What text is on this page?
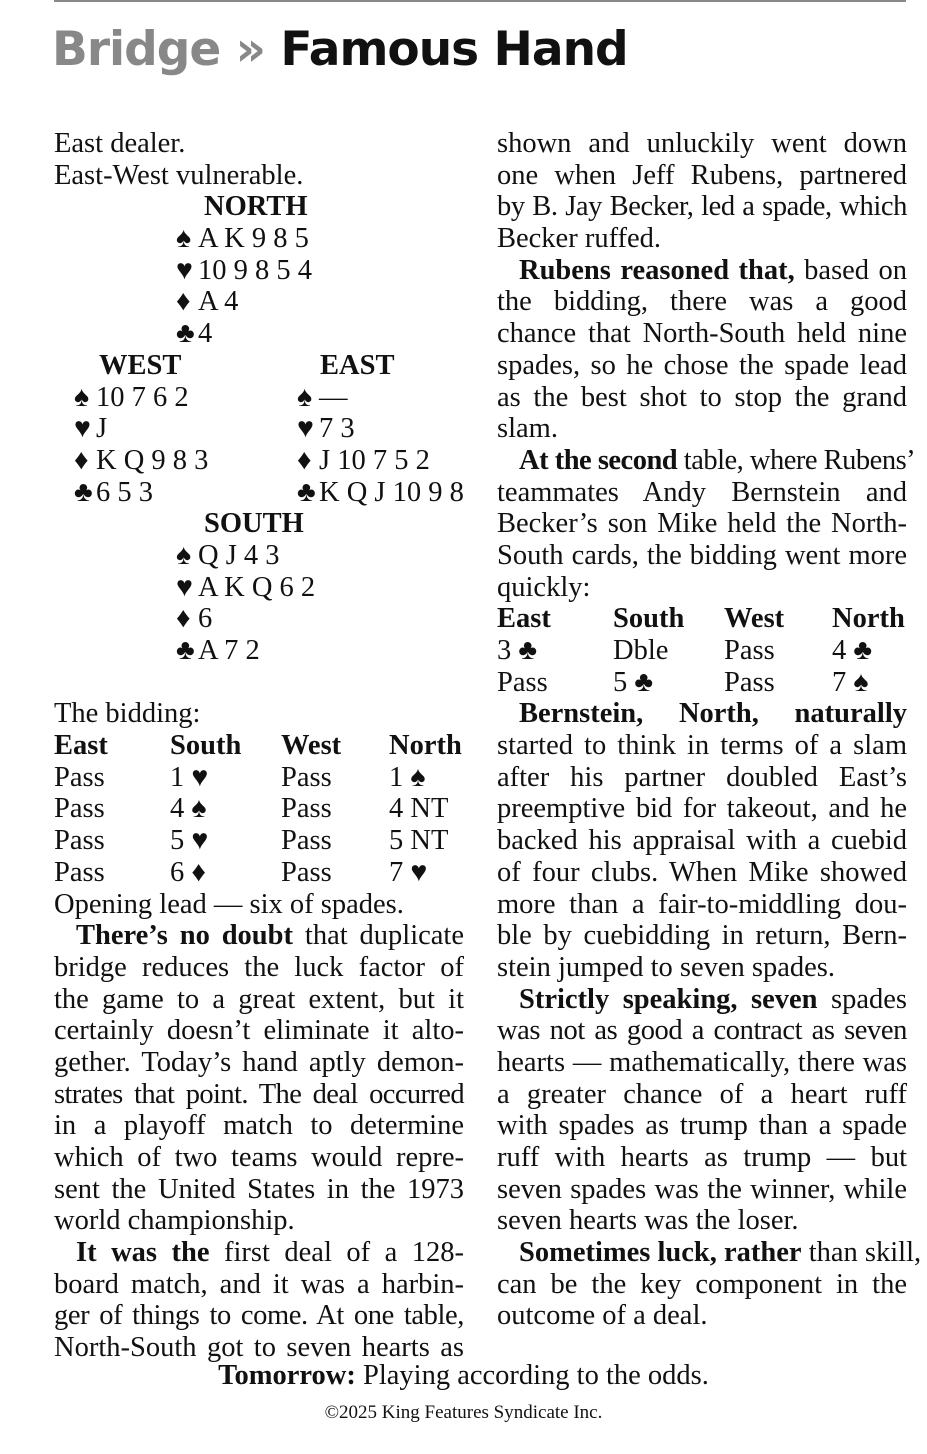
Bridge » Famous Hand
East dealer.
East-West vulnerable.
NORTH
♠ A K 9 8 5
♥ 10 9 8 5 4
♦ A 4
♣ 4
WEST
♠ 10 7 6 2
♥ J
♦ K Q 9 8 3
♣ 6 5 3
EAST
♠ —
♥ 7 3
♦ J 10 7 5 2
♣ K Q J 10 9 8
SOUTH
♠ Q J 4 3
♥ A K Q 6 2
♦ 6
♣ A 7 2
The bidding:
East South West North
Pass 1 ♥	Pass 1 ♠
Pass 4 ♠	Pass 4 NT
Pass 5 ♥	Pass 5 NT
Pass 6 ♦	Pass 7 ♥
Opening lead — six of spades.
There’s no doubt that duplicate
bridge reduces the luck factor of
the game to a great extent, but it
certainly doesn’t eliminate it alto-
gether. Today’s hand aptly demon-
strates that point. The deal occurred
in a playoff match to determine
which of two teams would repre-
sent the United States in the 1973
world championship.
It was the first deal of a 128-
board match, and it was a harbin-
ger of things to come. At one table,
North-South got to seven hearts as
shown and unluckily went down
one when Jeff Rubens, partnered
by B. Jay Becker, led a spade, which
Becker ruffed.
Rubens reasoned that, based on
the bidding, there was a good
chance that North-South held nine
spades, so he chose the spade lead
as the best shot to stop the grand
slam.
At the second table, where Rubens’
teammates Andy Bernstein and
Becker’s son Mike held the North-
South cards, the bidding went more
quickly:
East South West North
3 ♣	Dble Pass 4 ♣
Pass 5 ♣ Pass 7 ♠
Bernstein, North, naturally
started to think in terms of a slam
after his partner doubled East’s
preemptive bid for takeout, and he
backed his appraisal with a cuebid
of four clubs. When Mike showed
more than a fair-to-middling dou-
ble by cuebidding in return, Bern-
stein jumped to seven spades.
Strictly speaking, seven spades
was not as good a contract as seven
hearts — mathematically, there was
a greater chance of a heart ruff
with spades as trump than a spade
ruff with hearts as trump — but
seven spades was the winner, while
seven hearts was the loser.
Sometimes luck, rather than skill,
can be the key component in the
outcome of a deal.
Tomorrow: Playing according to the odds.
©2025 King Features Syndicate Inc.
